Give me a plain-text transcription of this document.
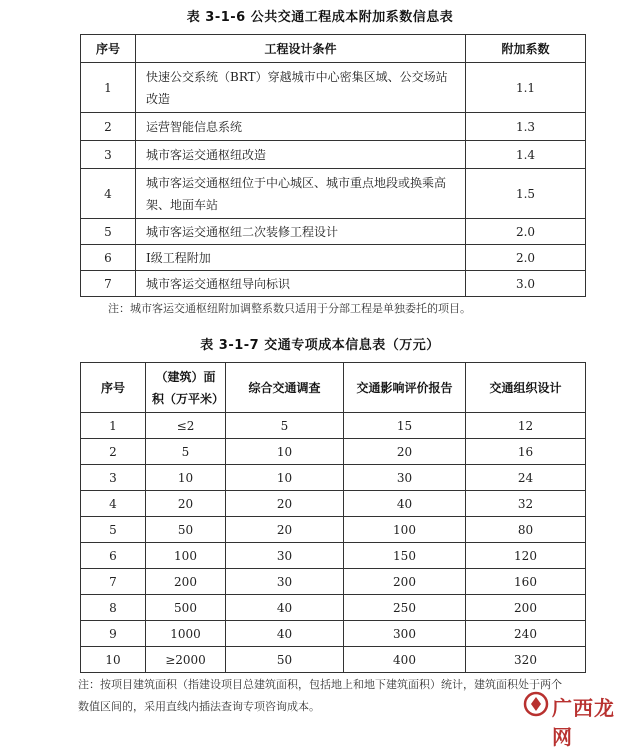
表 3-1-6 公共交通工程成本附加系数信息表
序号	工程设计条件	附加系数
1	快速公交系统（BRT）穿越城市中心密集区域、公交场站改造	1.1
2	运营智能信息系统	1.3
3	城市客运交通枢纽改造	1.4
4	城市客运交通枢纽位于中心城区、城市重点地段或换乘高架、地面车站	1.5
5	城市客运交通枢纽二次装修工程设计	2.0
6	Ⅰ级工程附加	2.0
7	城市客运交通枢纽导向标识	3.0
注：城市客运交通枢纽附加调整系数只适用于分部工程是单独委托的项目。
表 3-1-7 交通专项成本信息表（万元）
序号	（建筑）面积（万平米）	综合交通调查	交通影响评价报告	交通组织设计
1	≤2	5	15	12
2	5	10	20	16
3	10	10	30	24
4	20	20	40	32
5	50	20	100	80
6	100	30	150	120
7	200	30	200	160
8	500	40	250	200
9	1000	40	300	240
10	≥2000	50	400	320
注：按项目建筑面积（指建设项目总建筑面积，包括地上和地下建筑面积）统计，建筑面积处于两个
数值区间的，采用直线内插法查询专项咨询成本。	广西龙网
